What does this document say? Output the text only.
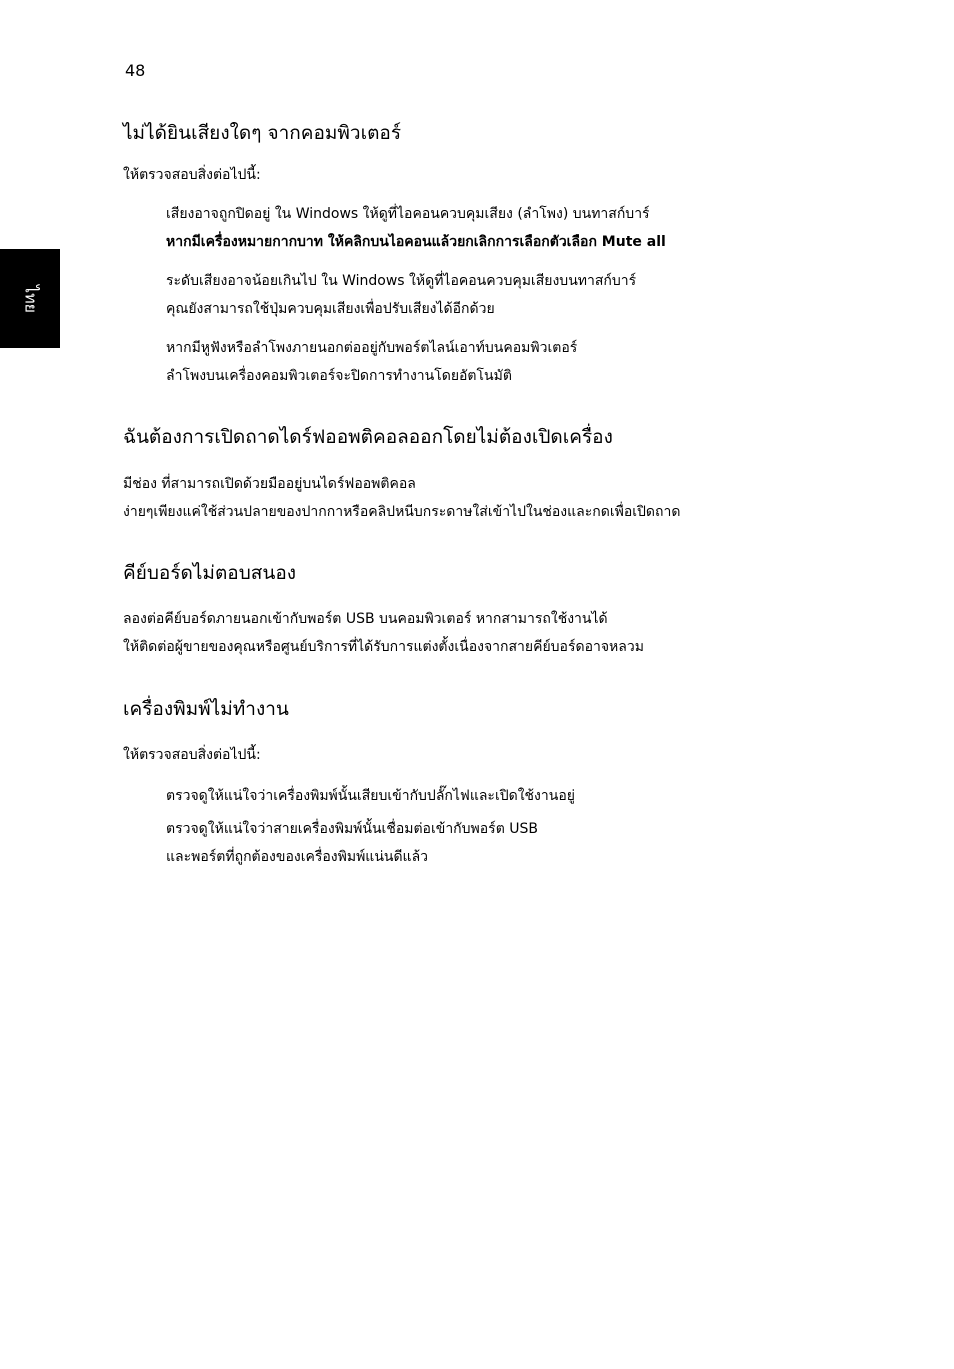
48
ไทย
ไม่ได้ยินเสียงใดๆ จากคอมพิวเตอร์

ให้ตรวจสอบสิ่งต่อไปนี้:

เสียงอาจถูกปิดอยู่ ใน Windows ให้ดูที่ไอคอนควบคุมเสียง (ลำโพง) บนทาสก์บาร์

หากมีเครื่องหมายกากบาท ให้คลิกบนไอคอนแล้วยกเลิกการเลือกตัวเลือก Mute all

ระดับเสียงอาจน้อยเกินไป ใน Windows ให้ดูที่ไอคอนควบคุมเสียงบนทาสก์บาร์

คุณยังสามารถใช้ปุ่มควบคุมเสียงเพื่อปรับเสียงได้อีกด้วย

หากมีหูฟังหรือลำโพงภายนอกต่ออยู่กับพอร์ตไลน์เอาท์บนคอมพิวเตอร์

ลำโพงบนเครื่องคอมพิวเตอร์จะปิดการทำงานโดยอัตโนมัติ

ฉันต้องการเปิดถาดไดร์ฟออพติคอลออกโดยไม่ต้องเปิดเครื่อง

มีช่อง ที่สามารถเปิดด้วยมืออยู่บนไดร์ฟออพติคอล

ง่ายๆเพียงแค่ใช้ส่วนปลายของปากกาหรือคลิปหนีบกระดาษใส่เข้าไปในช่องและกดเพื่อเปิดถาด

คีย์บอร์ดไม่ตอบสนอง

ลองต่อคีย์บอร์ดภายนอกเข้ากับพอร์ต USB บนคอมพิวเตอร์ หากสามารถใช้งานได้

ให้ติดต่อผู้ขายของคุณหรือศูนย์บริการที่ได้รับการแต่งตั้งเนื่องจากสายคีย์บอร์ดอาจหลวม

เครื่องพิมพ์ไม่ทำงาน

ให้ตรวจสอบสิ่งต่อไปนี้:

ตรวจดูให้แน่ใจว่าเครื่องพิมพ์นั้นเสียบเข้ากับปลั๊กไฟและเปิดใช้งานอยู่

ตรวจดูให้แน่ใจว่าสายเครื่องพิมพ์นั้นเชื่อมต่อเข้ากับพอร์ต USB

และพอร์ตที่ถูกต้องของเครื่องพิมพ์แน่นดีแล้ว
